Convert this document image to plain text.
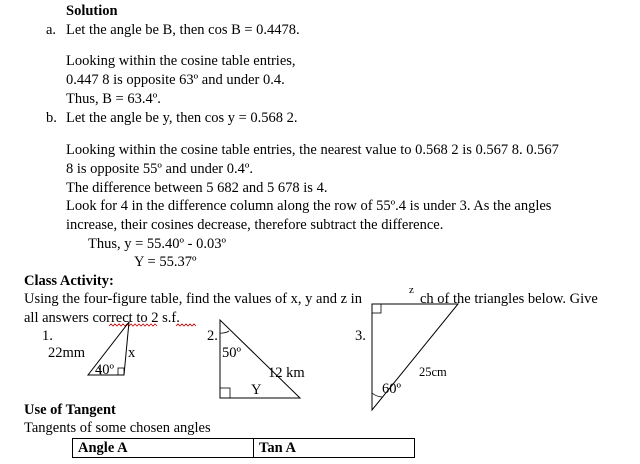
Solution
a. Let the angle be B, then cos B = 0.4478.
Looking within the cosine table entries,
0.447 8 is opposite 63º and under 0.4.
Thus, B = 63.4º.
b. Let the angle be y, then cos y = 0.568 2.
Looking within the cosine table entries, the nearest value to 0.568 2 is 0.567 8. 0.567
8 is opposite 55º and under 0.4º.
The difference between 5 682 and 5 678 is 4.
Look for 4 in the difference column along the row of 55º.4 is under 3. As the angles
increase, their cosines decrease, therefore subtract the difference.
Thus, y = 55.40º - 0.03º
Y = 55.37º
Class Activity:
Using the four-figure table, find the values of x, y and z in	ch of the triangles below. Give
all answers correct to 2 s.f.
1.
22mm	x
40º
2.
50º
12 km
Y
3.
z
25cm
60º
Use of Tangent
Tangents of some chosen angles
Angle A	Tan A
